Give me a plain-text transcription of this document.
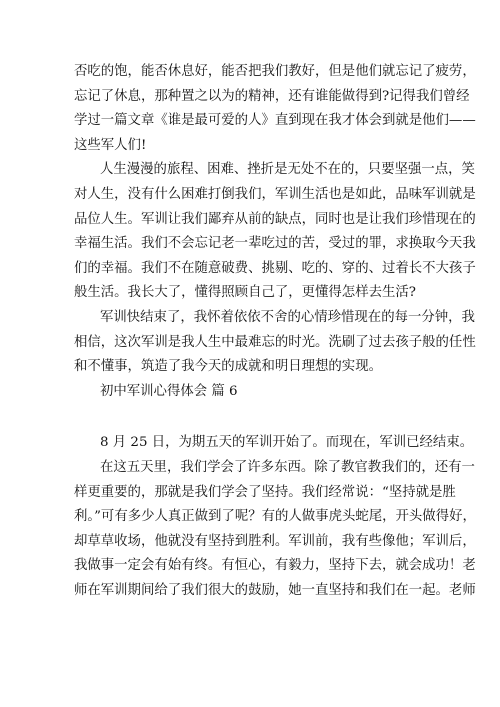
否吃的饱，能否休息好，能否把我们教好，但是他们就忘记了疲劳，
忘记了休息，那种置之以为的精神，还有谁能做得到?记得我们曾经
学过一篇文章《谁是最可爱的人》直到现在我才体会到就是他们——
这些军人们!

人生漫漫的旅程、困难、挫折是无处不在的，只要坚强一点，笑
对人生，没有什么困难打倒我们，军训生活也是如此，品味军训就是
品位人生。军训让我们鄙弃从前的缺点，同时也是让我们珍惜现在的
幸福生活。我们不会忘记老一辈吃过的苦，受过的罪，求换取今天我
们的幸福。我们不在随意破费、挑剔、吃的、穿的、过着长不大孩子
般生活。我长大了，懂得照顾自己了，更懂得怎样去生活?

军训快结束了，我怀着依依不舍的心情珍惜现在的每一分钟，我
相信，这次军训是我人生中最难忘的时光。洗刷了过去孩子般的任性
和不懂事，筑造了我今天的成就和明日理想的实现。

初中军训心得体会 篇 6

8 月 25 日，为期五天的军训开始了。而现在，军训已经结束。

在这五天里，我们学会了许多东西。除了教官教我们的，还有一
样更重要的，那就是我们学会了坚持。我们经常说：“坚持就是胜
利。”可有多少人真正做到了呢？有的人做事虎头蛇尾，开头做得好，
却草草收场，他就没有坚持到胜利。军训前，我有些像他；军训后，
我做事一定会有始有终。有恒心，有毅力，坚持下去，就会成功！老
师在军训期间给了我们很大的鼓励，她一直坚持和我们在一起。老师
